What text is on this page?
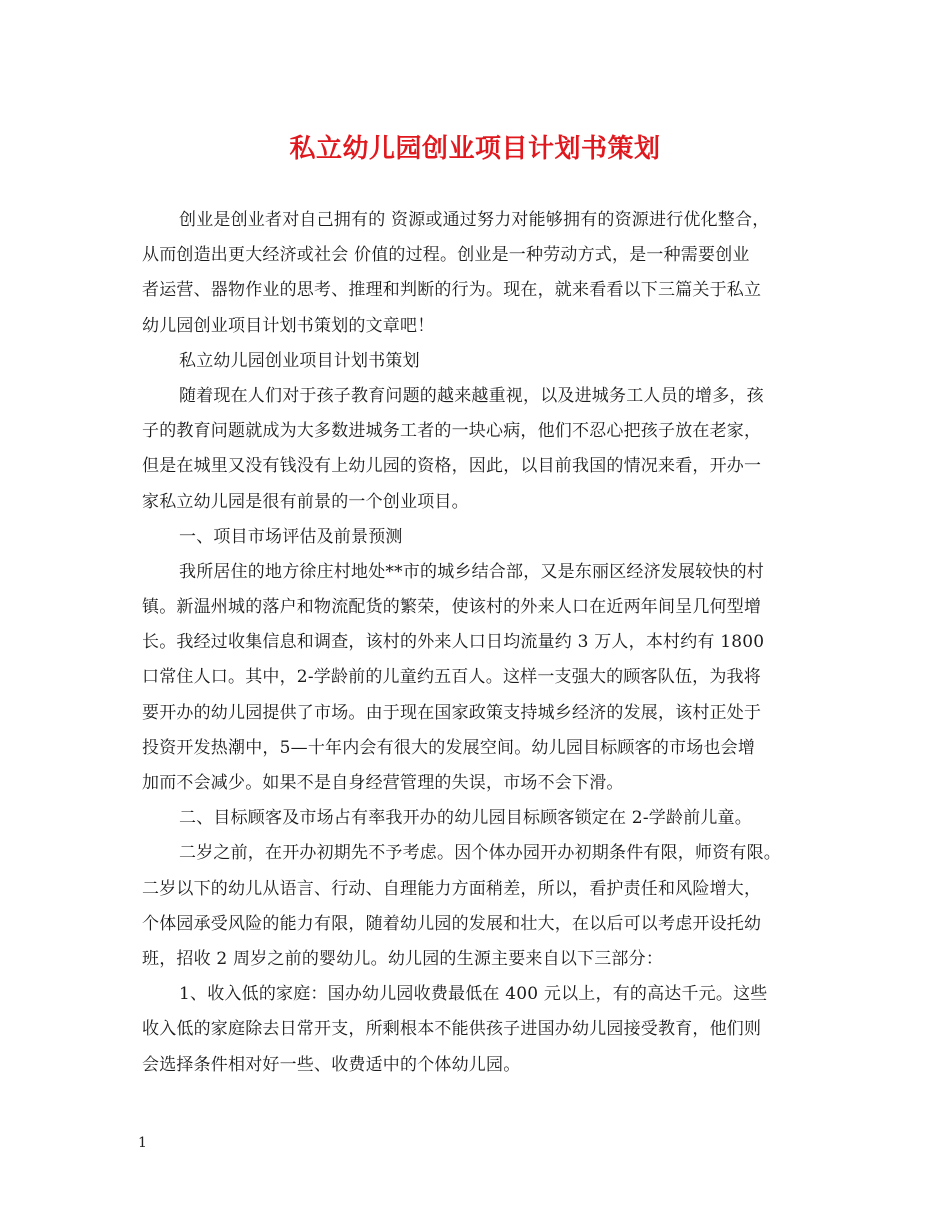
私立幼儿园创业项目计划书策划
创业是创业者对自己拥有的 资源或通过努力对能够拥有的资源进行优化整合，
从而创造出更大经济或社会 价值的过程。创业是一种劳动方式，是一种需要创业
者运营、器物作业的思考、推理和判断的行为。现在，就来看看以下三篇关于私立
幼儿园创业项目计划书策划的文章吧！
私立幼儿园创业项目计划书策划
随着现在人们对于孩子教育问题的越来越重视，以及进城务工人员的增多，孩
子的教育问题就成为大多数进城务工者的一块心病，他们不忍心把孩子放在老家，
但是在城里又没有钱没有上幼儿园的资格，因此，以目前我国的情况来看，开办一
家私立幼儿园是很有前景的一个创业项目。
一、项目市场评估及前景预测
我所居住的地方徐庄村地处**市的城乡结合部，又是东丽区经济发展较快的村
镇。新温州城的落户和物流配货的繁荣，使该村的外来人口在近两年间呈几何型增
长。我经过收集信息和调查，该村的外来人口日均流量约 3 万人，本村约有 1800
口常住人口。其中，2-学龄前的儿童约五百人。这样一支强大的顾客队伍，为我将
要开办的幼儿园提供了市场。由于现在国家政策支持城乡经济的发展，该村正处于
投资开发热潮中，5—十年内会有很大的发展空间。幼儿园目标顾客的市场也会增
加而不会减少。如果不是自身经营管理的失误，市场不会下滑。
二、目标顾客及市场占有率我开办的幼儿园目标顾客锁定在 2-学龄前儿童。
二岁之前，在开办初期先不予考虑。因个体办园开办初期条件有限，师资有限。
二岁以下的幼儿从语言、行动、自理能力方面稍差，所以，看护责任和风险增大，
个体园承受风险的能力有限，随着幼儿园的发展和壮大，在以后可以考虑开设托幼
班，招收 2 周岁之前的婴幼儿。幼儿园的生源主要来自以下三部分：
1、收入低的家庭：国办幼儿园收费最低在 400 元以上，有的高达千元。这些
收入低的家庭除去日常开支，所剩根本不能供孩子进国办幼儿园接受教育，他们则
会选择条件相对好一些、收费适中的个体幼儿园。
1
